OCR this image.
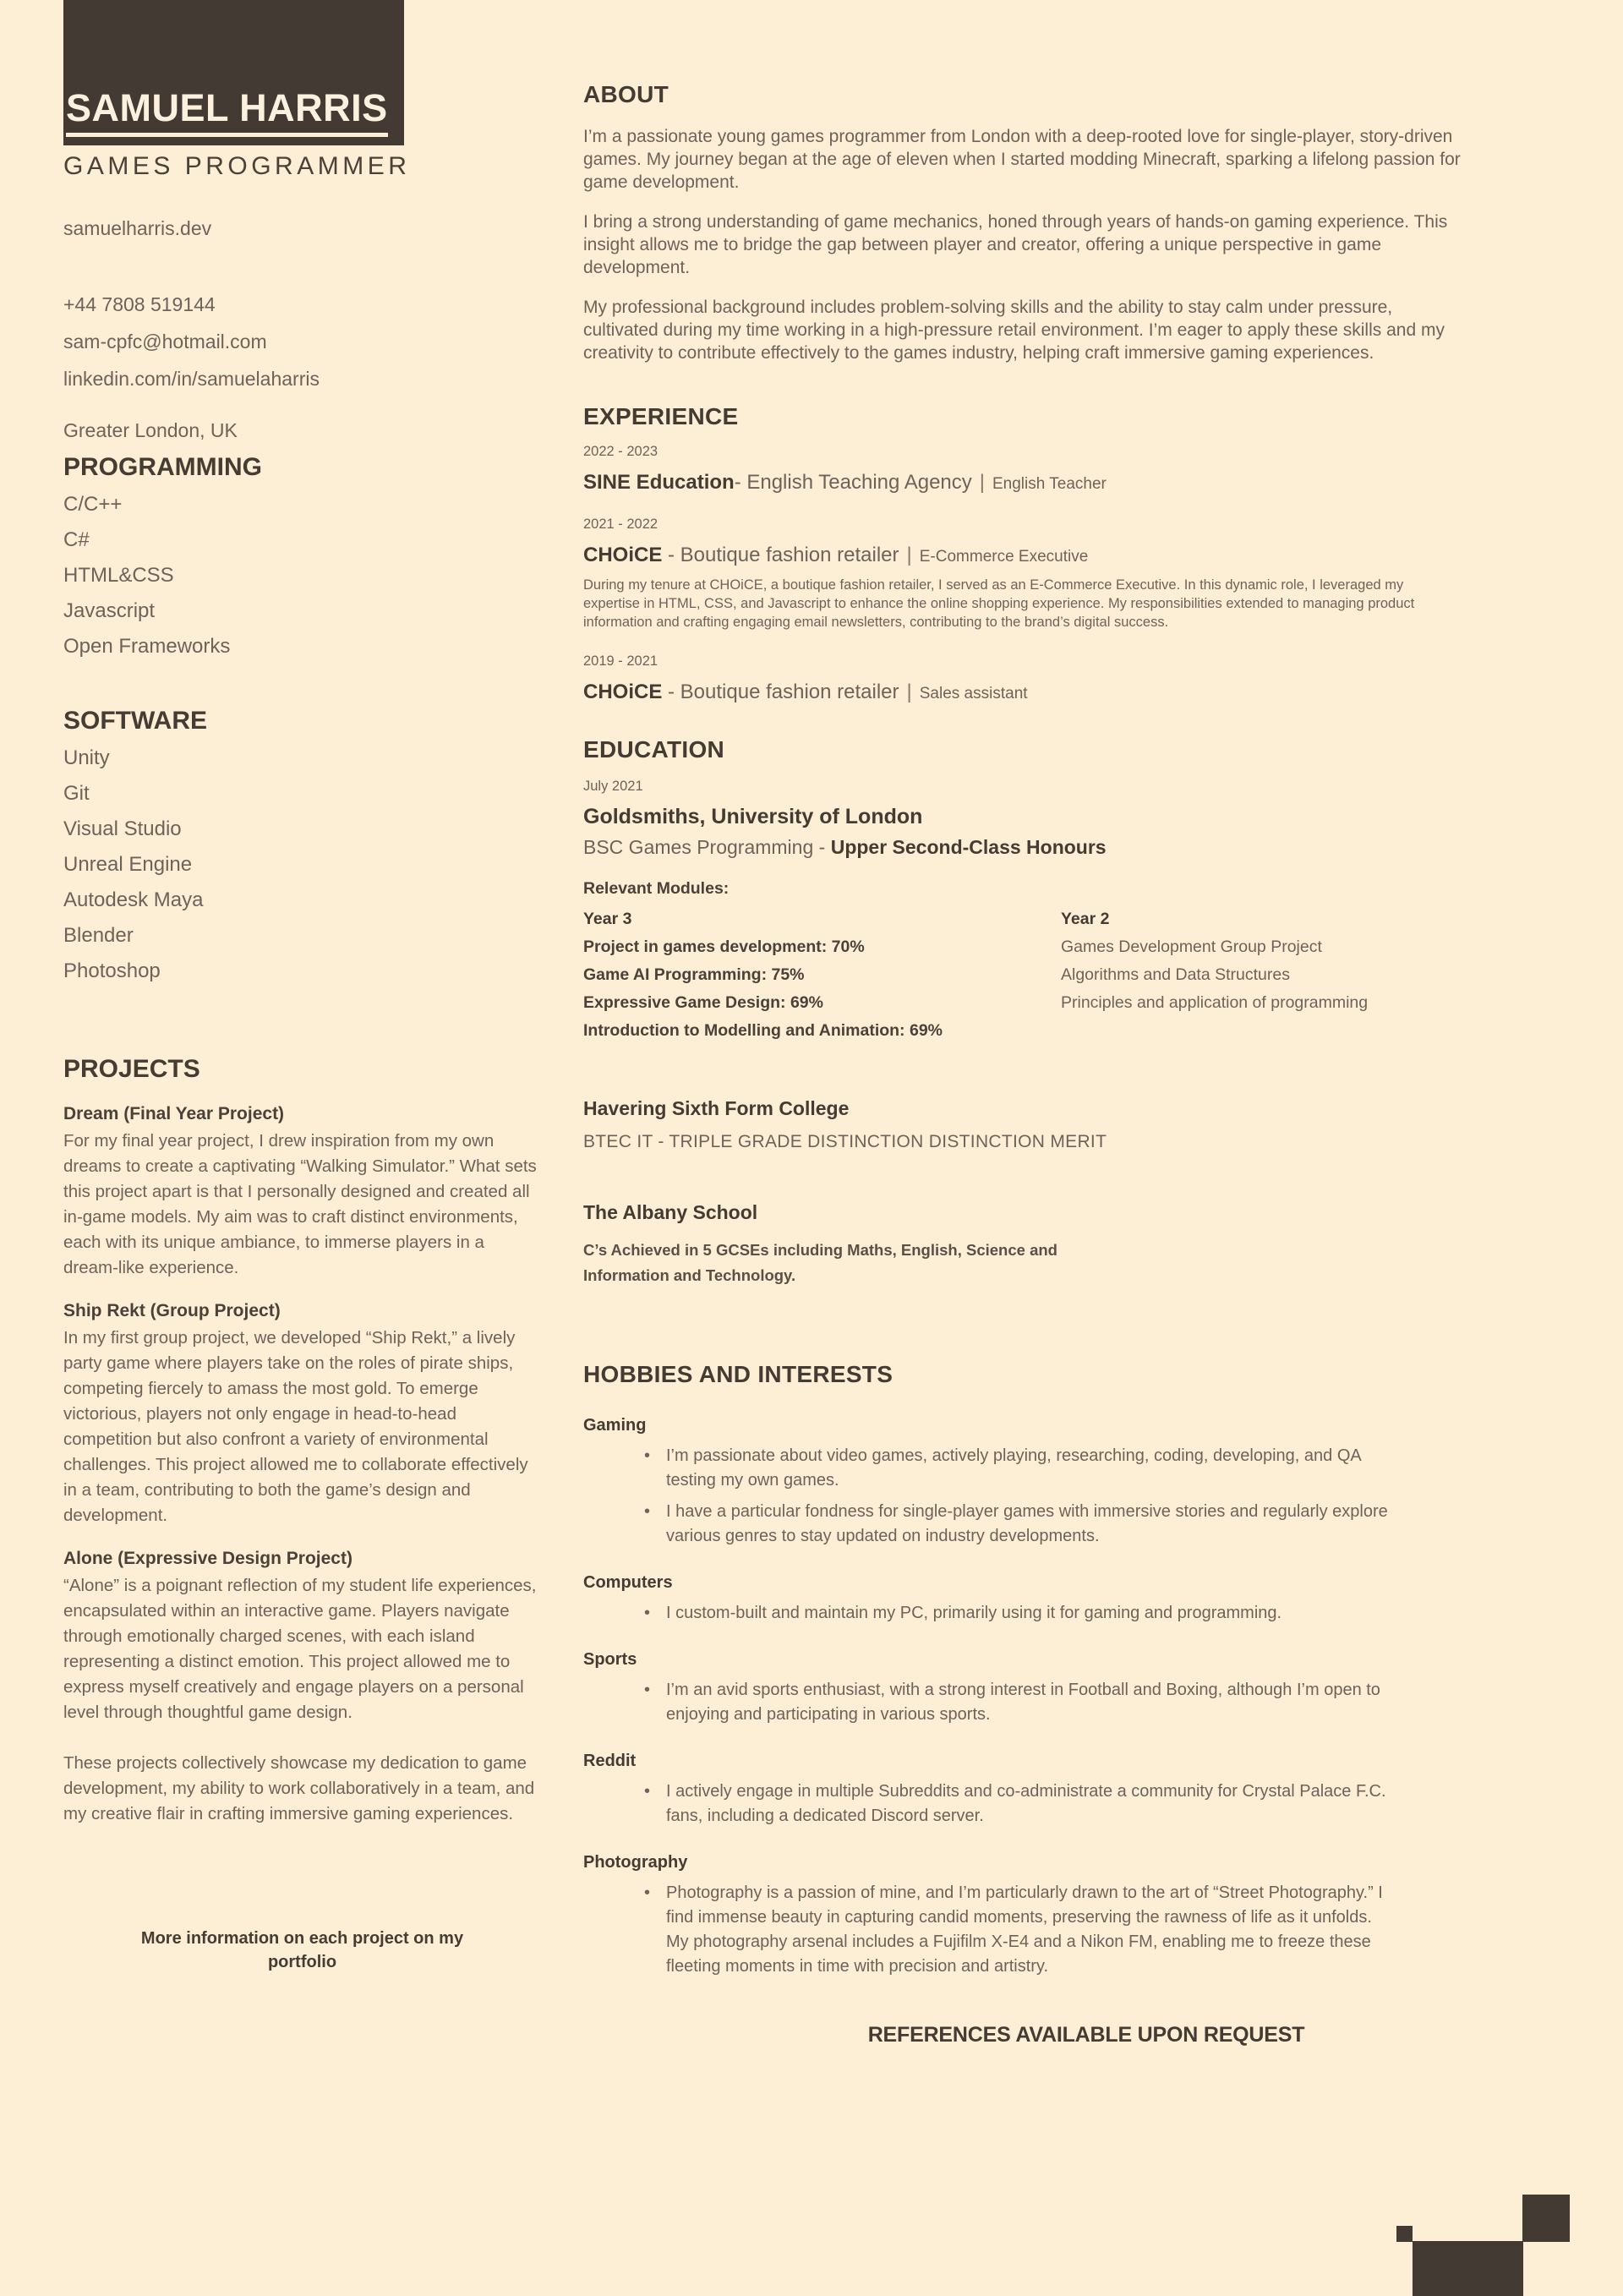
SAMUEL HARRIS
GAMES PROGRAMMER
samuelharris.dev
+44 7808 519144
sam-cpfc@hotmail.com
linkedin.com/in/samuelaharris
Greater London, UK
PROGRAMMING
C/C++
C#
HTML&CSS
Javascript
Open Frameworks
SOFTWARE
Unity
Git
Visual Studio
Unreal Engine
Autodesk Maya
Blender
Photoshop
PROJECTS
Dream (Final Year Project)
For my final year project, I drew inspiration from my own dreams to create a captivating “Walking Simulator.” What sets this project apart is that I personally designed and created all in-game models. My aim was to craft distinct environments, each with its unique ambiance, to immerse players in a dream-like experience.
Ship Rekt (Group Project)
In my first group project, we developed “Ship Rekt,” a lively party game where players take on the roles of pirate ships, competing fiercely to amass the most gold. To emerge victorious, players not only engage in head-to-head competition but also confront a variety of environmental challenges. This project allowed me to collaborate effectively in a team, contributing to both the game’s design and development.
Alone (Expressive Design Project)
“Alone” is a poignant reflection of my student life experiences, encapsulated within an interactive game. Players navigate through emotionally charged scenes, with each island representing a distinct emotion. This project allowed me to express myself creatively and engage players on a personal level through thoughtful game design.
These projects collectively showcase my dedication to game development, my ability to work collaboratively in a team, and my creative flair in crafting immersive gaming experiences.
More information on each project on my portfolio
ABOUT

I’m a passionate young games programmer from London with a deep-rooted love for single-player, story-driven games. My journey began at the age of eleven when I started modding Minecraft, sparking a lifelong passion for game development.

I bring a strong understanding of game mechanics, honed through years of hands-on gaming experience. This insight allows me to bridge the gap between player and creator, offering a unique perspective in game development.

My professional background includes problem-solving skills and the ability to stay calm under pressure, cultivated during my time working in a high-pressure retail environment. I’m eager to apply these skills and my creativity to contribute effectively to the games industry, helping craft immersive gaming experiences.

EXPERIENCE
2022 - 2023
SINE Education- English Teaching Agency | English Teacher
2021 - 2022
CHOiCE - Boutique fashion retailer | E-Commerce Executive
During my tenure at CHOiCE, a boutique fashion retailer, I served as an E-Commerce Executive. In this dynamic role, I leveraged my expertise in HTML, CSS, and Javascript to enhance the online shopping experience. My responsibilities extended to managing product information and crafting engaging email newsletters, contributing to the brand’s digital success.
2019 - 2021
CHOiCE - Boutique fashion retailer | Sales assistant
EDUCATION
July 2021
Goldsmiths, University of London
BSC Games Programming - Upper Second-Class Honours
Relevant Modules:
Year 3
Project in games development: 70%
Game AI Programming: 75%
Expressive Game Design: 69%
Introduction to Modelling and Animation: 69%
Year 2
Games Development Group Project
Algorithms and Data Structures
Principles and application of programming
Havering Sixth Form College
BTEC IT - TRIPLE GRADE DISTINCTION DISTINCTION MERIT
The Albany School
C’s Achieved in 5 GCSEs including Maths, English, Science and Information and Technology.
HOBBIES AND INTERESTS
Gaming
•
I’m passionate about video games, actively playing, researching, coding, developing, and QA testing my own games.
•
I have a particular fondness for single-player games with immersive stories and regularly explore various genres to stay updated on industry developments.
Computers
•
I custom-built and maintain my PC, primarily using it for gaming and programming.
Sports
•
I’m an avid sports enthusiast, with a strong interest in Football and Boxing, although I’m open to enjoying and participating in various sports.
Reddit
•
I actively engage in multiple Subreddits and co-administrate a community for Crystal Palace F.C. fans, including a dedicated Discord server.
Photography
•
Photography is a passion of mine, and I’m particularly drawn to the art of “Street Photography.” I find immense beauty in capturing candid moments, preserving the rawness of life as it unfolds. My photography arsenal includes a Fujifilm X-E4 and a Nikon FM, enabling me to freeze these fleeting moments in time with precision and artistry.
REFERENCES AVAILABLE UPON REQUEST
